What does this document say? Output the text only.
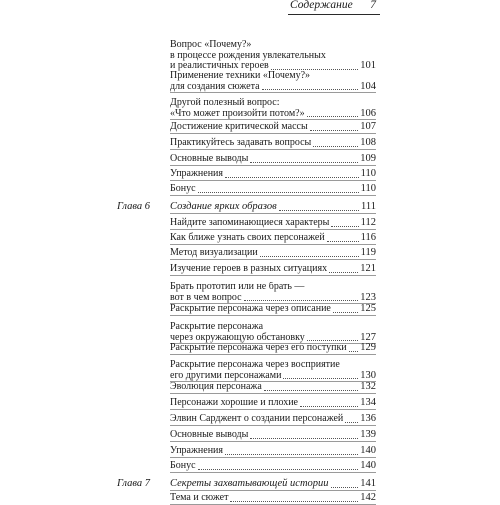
Содержание 7
Вопрос «Почему?»
в процессе рождения увлекательных
и реалистичных героев	101
Применение техники «Почему?»
для создания сюжета	104
Другой полезный вопрос:
«Что может произойти потом?»	106
Достижение критической массы	107
Практикуйтесь задавать вопросы	108
Основные выводы	109
Упражнения	110
Бонус	110
Глава 6 Создание ярких образов	111
Найдите запоминающиеся характеры	112
Как ближе узнать своих персонажей	116
Метод визуализации	119
Изучение героев в разных ситуациях	121
Брать прототип или не брать —
вот в чем вопрос	123
Раскрытие персонажа через описание	125
Раскрытие персонажа
через окружающую обстановку	127
Раскрытие персонажа через его поступки 129
Раскрытие персонажа через восприятие
его другими персонажами	130
Эволюция персонажа	132
Персонажи хорошие и плохие	134
Элвин Сарджент о создании персонажей 136
Основные выводы	139
Упражнения	140
Бонус	140
Глава 7 Секреты захватывающей истории	141
Тема и сюжет	142
